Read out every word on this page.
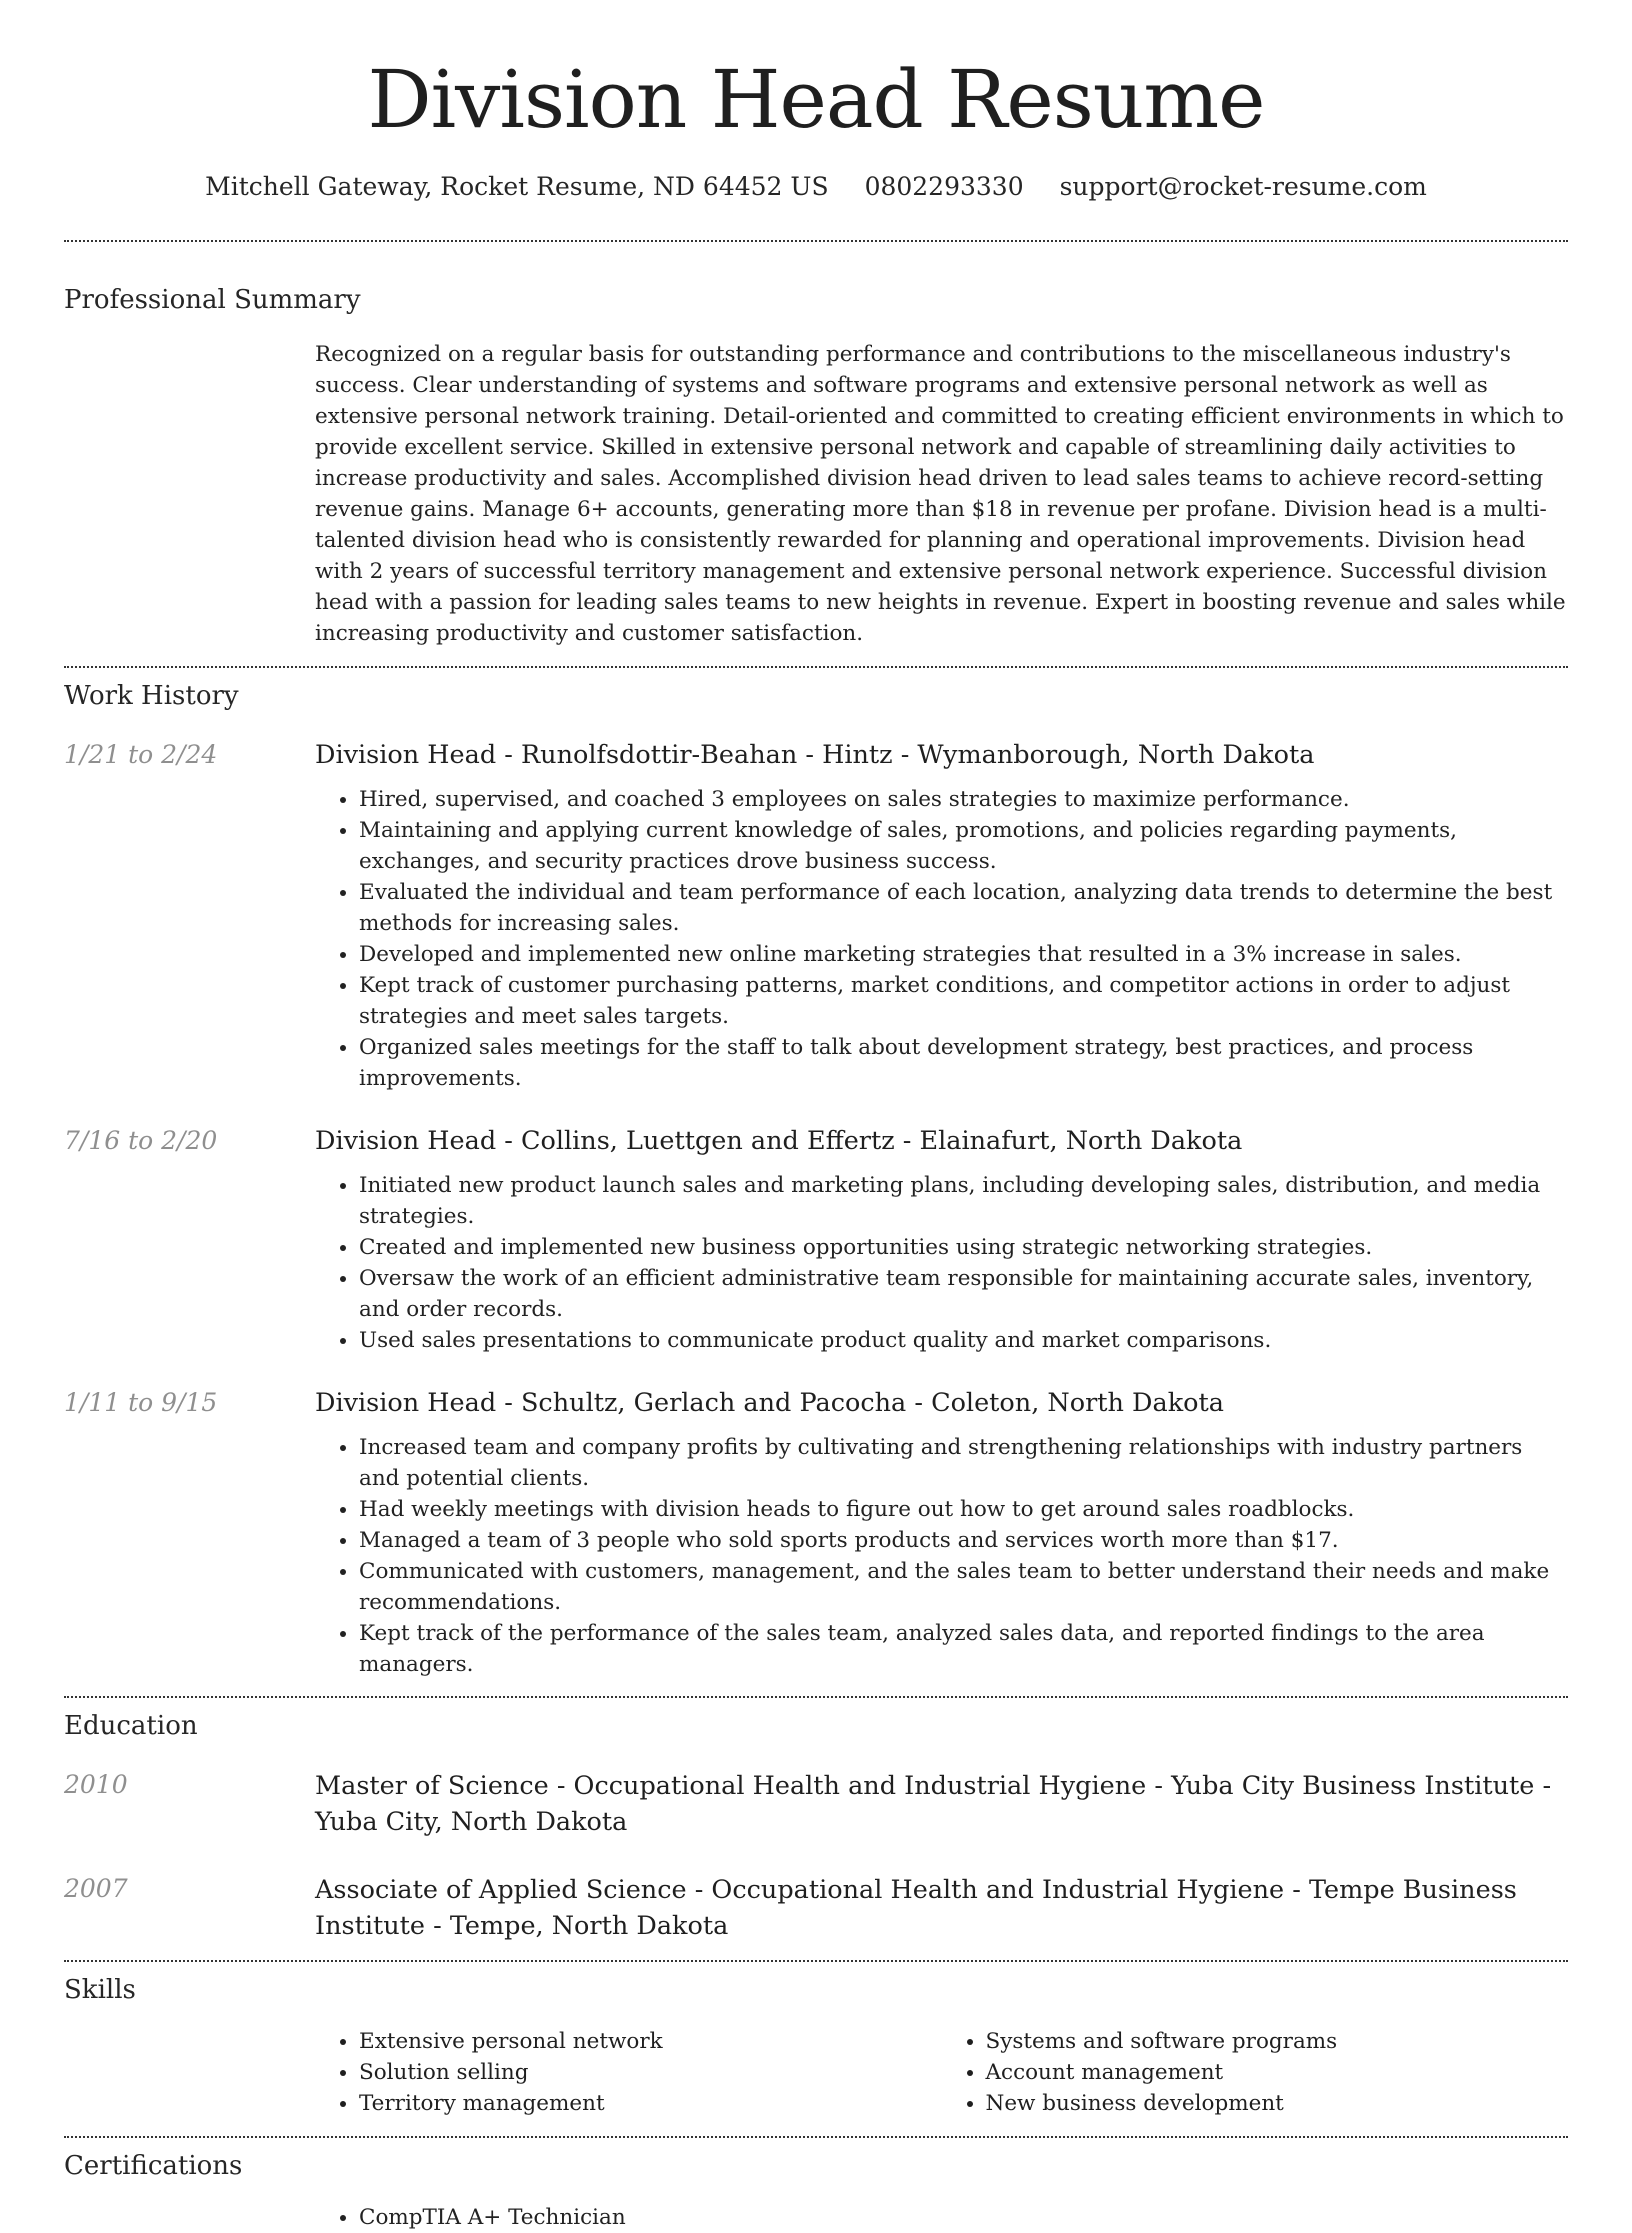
Division Head Resume
Mitchell Gateway, Rocket Resume, ND 64452 US 0802293330 support@rocket-resume.com
Professional Summary

Recognized on a regular basis for outstanding performance and contributions to the miscellaneous industry's success. Clear understanding of systems and software programs and extensive personal network as well as extensive personal network training. Detail-oriented and committed to creating efficient environments in which to provide excellent service. Skilled in extensive personal network and capable of streamlining daily activities to increase productivity and sales. Accomplished division head driven to lead sales teams to achieve record-setting revenue gains. Manage 6+ accounts, generating more than $18 in revenue per profane. Division head is a multi-talented division head who is consistently rewarded for planning and operational improvements. Division head with 2 years of successful territory management and extensive personal network experience. Successful division head with a passion for leading sales teams to new heights in revenue. Expert in boosting revenue and sales while increasing productivity and customer satisfaction.

Work History
1/21 to 2/24	Division Head - Runolfsdottir-Beahan - Hintz - Wymanborough, North Dakota
• Hired, supervised, and coached 3 employees on sales strategies to maximize performance.
• Maintaining and applying current knowledge of sales, promotions, and policies regarding payments, exchanges, and security practices drove business success.
• Evaluated the individual and team performance of each location, analyzing data trends to determine the best methods for increasing sales.
• Developed and implemented new online marketing strategies that resulted in a 3% increase in sales.
• Kept track of customer purchasing patterns, market conditions, and competitor actions in order to adjust strategies and meet sales targets.
• Organized sales meetings for the staff to talk about development strategy, best practices, and process improvements.
7/16 to 2/20	Division Head - Collins, Luettgen and Effertz - Elainafurt, North Dakota
• Initiated new product launch sales and marketing plans, including developing sales, distribution, and media strategies.
• Created and implemented new business opportunities using strategic networking strategies.
• Oversaw the work of an efficient administrative team responsible for maintaining accurate sales, inventory, and order records.
• Used sales presentations to communicate product quality and market comparisons.
1/11 to 9/15	Division Head - Schultz, Gerlach and Pacocha - Coleton, North Dakota
• Increased team and company profits by cultivating and strengthening relationships with industry partners and potential clients.
• Had weekly meetings with division heads to figure out how to get around sales roadblocks.
• Managed a team of 3 people who sold sports products and services worth more than $17.
• Communicated with customers, management, and the sales team to better understand their needs and make recommendations.
• Kept track of the performance of the sales team, analyzed sales data, and reported findings to the area managers.
Education
2010	Master of Science - Occupational Health and Industrial Hygiene - Yuba City Business Institute - Yuba City, North Dakota
2007	Associate of Applied Science - Occupational Health and Industrial Hygiene - Tempe Business Institute - Tempe, North Dakota
Skills
• Extensive personal network
• Solution selling
• Territory management
• Systems and software programs
• Account management
• New business development
Certifications
• CompTIA A+ Technician
